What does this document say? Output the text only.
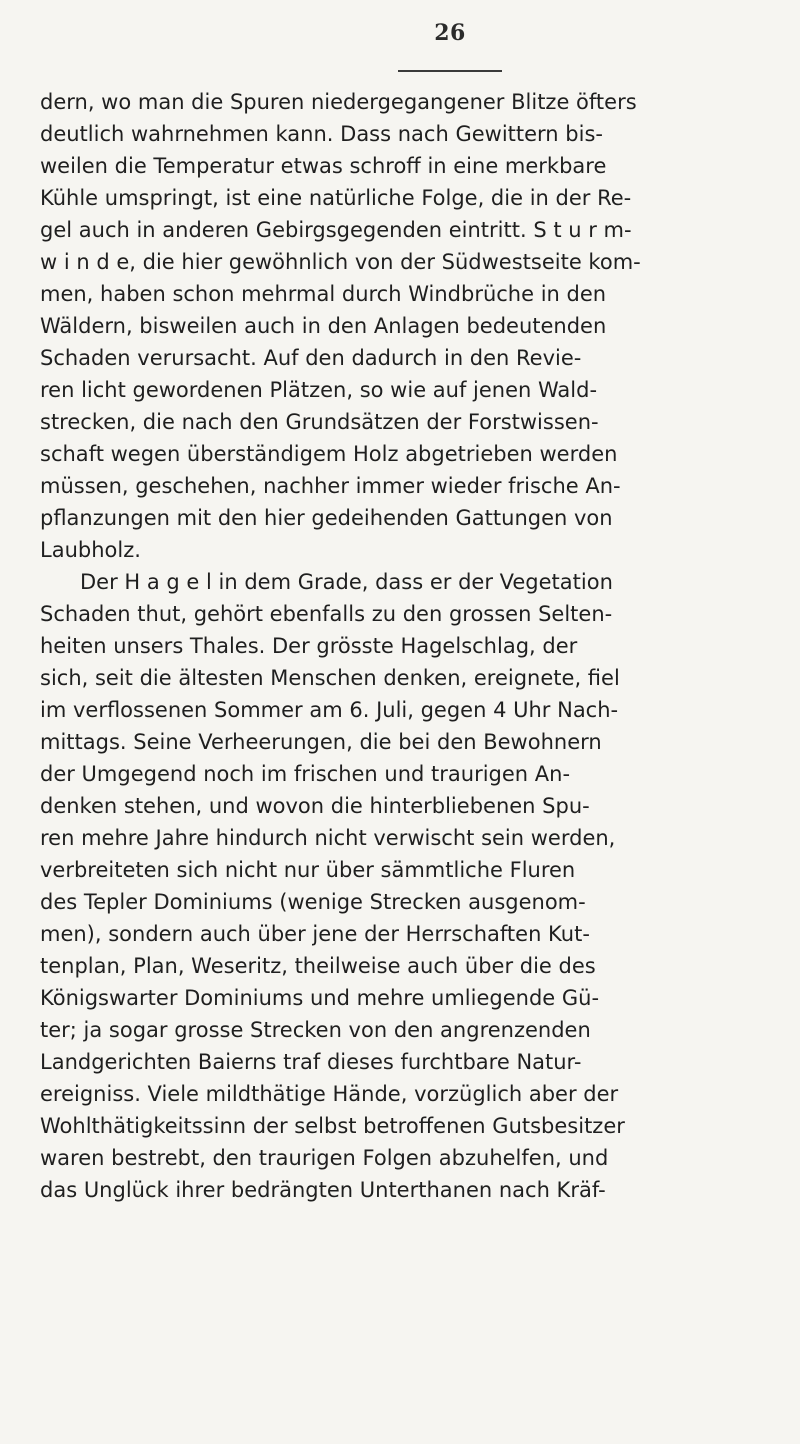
26
dern, wo man die Spuren niedergegangener Blitze öfters
deutlich wahrnehmen kann. Dass nach Gewittern bis-
weilen die Temperatur etwas schroff in eine merkbare
Kühle umspringt, ist eine natürliche Folge, die in der Re-
gel auch in anderen Gebirgsgegenden eintritt. S t u r m-
w i n d e, die hier gewöhnlich von der Südwestseite kom-
men, haben schon mehrmal durch Windbrüche in den
Wäldern, bisweilen auch in den Anlagen bedeutenden
Schaden verursacht. Auf den dadurch in den Revie-
ren licht gewordenen Plätzen, so wie auf jenen Wald-
strecken, die nach den Grundsätzen der Forstwissen-
schaft wegen überständigem Holz abgetrieben werden
müssen, geschehen, nachher immer wieder frische An-
pflanzungen mit den hier gedeihenden Gattungen von
Laubholz.
Der H a g e l in dem Grade, dass er der Vegetation
Schaden thut, gehört ebenfalls zu den grossen Selten-
heiten unsers Thales. Der grösste Hagelschlag, der
sich, seit die ältesten Menschen denken, ereignete, fiel
im verflossenen Sommer am 6. Juli, gegen 4 Uhr Nach-
mittags. Seine Verheerungen, die bei den Bewohnern
der Umgegend noch im frischen und traurigen An-
denken stehen, und wovon die hinterbliebenen Spu-
ren mehre Jahre hindurch nicht verwischt sein werden,
verbreiteten sich nicht nur über sämmtliche Fluren
des Tepler Dominiums (wenige Strecken ausgenom-
men), sondern auch über jene der Herrschaften Kut-
tenplan, Plan, Weseritz, theilweise auch über die des
Königswarter Dominiums und mehre umliegende Gü-
ter; ja sogar grosse Strecken von den angrenzenden
Landgerichten Baierns traf dieses furchtbare Natur-
ereigniss. Viele mildthätige Hände, vorzüglich aber der
Wohlthätigkeitssinn der selbst betroffenen Gutsbesitzer
waren bestrebt, den traurigen Folgen abzuhelfen, und
das Unglück ihrer bedrängten Unterthanen nach Kräf-
